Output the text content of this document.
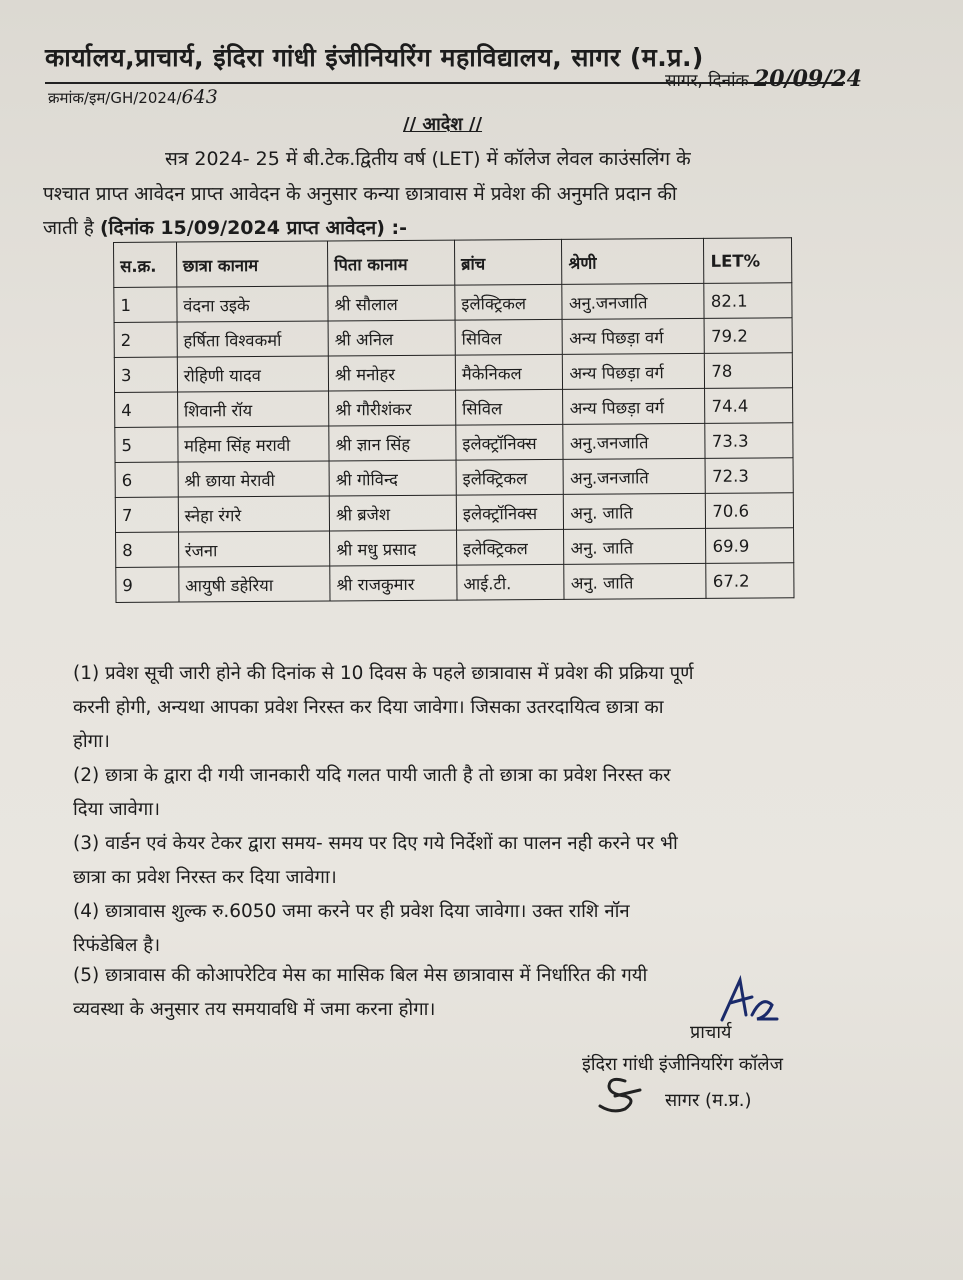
कार्यालय,प्राचार्य, इंदिरा गांधी इंजीनियरिंग महाविद्यालय, सागर (म.प्र.)
क्रमांक/इम/GH/2024/643
सागर, दिनांक 20/09/24
// आदेश //
सत्र 2024- 25 में बी.टेक.द्वितीय वर्ष (LET) में कॉलेज लेवल काउंसलिंग के
पश्चात प्राप्त आवेदन प्राप्त आवेदन के अनुसार कन्या छात्रावास में प्रवेश की अनुमति प्रदान की
जाती है (दिनांक 15/09/2024 प्राप्त आवेदन) :-
स.क्र.	छात्रा कानाम	पिता कानाम	ब्रांच	श्रेणी	LET%
1	वंदना उइके	श्री सौलाल	इलेक्ट्रिकल	अनु.जनजाति	82.1
2	हर्षिता विश्वकर्मा	श्री अनिल	सिविल	अन्य पिछड़ा वर्ग	79.2
3	रोहिणी यादव	श्री मनोहर	मैकेनिकल	अन्य पिछड़ा वर्ग	78
4	शिवानी रॉय	श्री गौरीशंकर	सिविल	अन्य पिछड़ा वर्ग	74.4
5	महिमा सिंह मरावी	श्री ज्ञान सिंह	इलेक्ट्रॉनिक्स	अनु.जनजाति	73.3
6	श्री छाया मेरावी	श्री गोविन्द	इलेक्ट्रिकल	अनु.जनजाति	72.3
7	स्नेहा रंगरे	श्री ब्रजेश	इलेक्ट्रॉनिक्स	अनु. जाति	70.6
8	रंजना	श्री मधु प्रसाद	इलेक्ट्रिकल	अनु. जाति	69.9
9	आयुषी डहेरिया	श्री राजकुमार	आई.टी.	अनु. जाति	67.2
(1) प्रवेश सूची जारी होने की दिनांक से 10 दिवस के पहले छात्रावास में प्रवेश की प्रक्रिया पूर्ण
करनी होगी, अन्यथा आपका प्रवेश निरस्त कर दिया जावेगा। जिसका उतरदायित्व छात्रा का
होगा।
(2) छात्रा के द्वारा दी गयी जानकारी यदि गलत पायी जाती है तो छात्रा का प्रवेश निरस्त कर
दिया जावेगा।
(3) वार्डन एवं केयर टेकर द्वारा समय- समय पर दिए गये निर्देशों का पालन नही करने पर भी
छात्रा का प्रवेश निरस्त कर दिया जावेगा।
(4) छात्रावास शुल्क रु.6050 जमा करने पर ही प्रवेश दिया जावेगा। उक्त राशि नॉन
रिफंडेबिल है।
(5) छात्रावास की कोआपरेटिव मेस का मासिक बिल मेस छात्रावास में निर्धारित की गयी
व्यवस्था के अनुसार तय समयावधि में जमा करना होगा।
प्राचार्य
इंदिरा गांधी इंजीनियरिंग कॉलेज
सागर (म.प्र.)
